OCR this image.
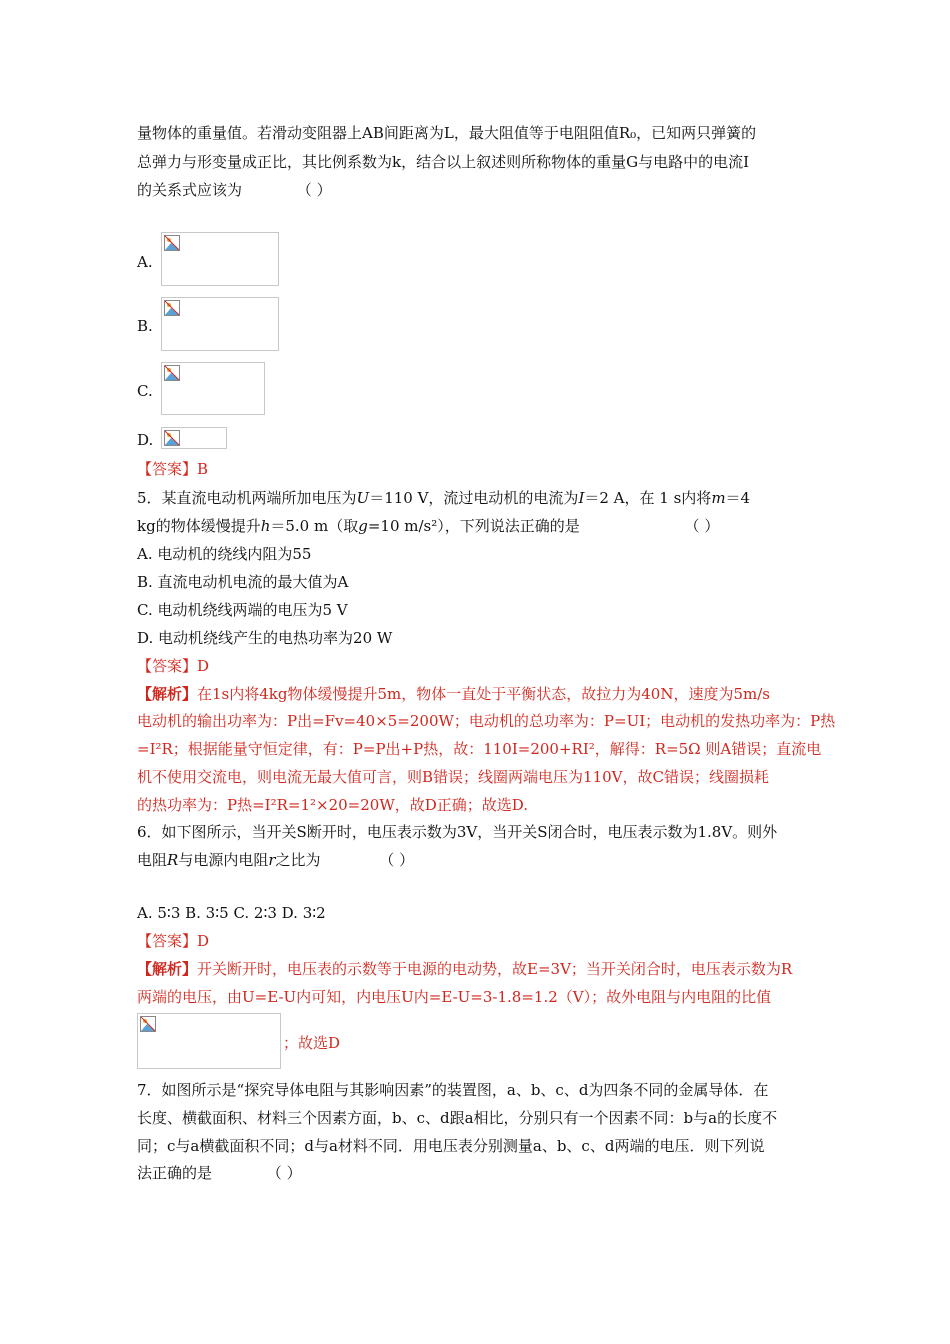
量物体的重量值。若滑动变阻器上AB间距离为L，最大阻值等于电阻阻值R₀，已知两只弹簧的
总弹力与形变量成正比，其比例系数为k，结合以上叙述则所称物体的重量G与电路中的电流I
的关系式应该为	（ ）
A.
B.
C.
D.
【答案】B
5．某直流电动机两端所加电压为U＝110 V，流过电动机的电流为I＝2 A，在 1 s内将m＝4
kg的物体缓慢提升h＝5.0 m（取g=10 m/s²），下列说法正确的是	（ ）
A. 电动机的绕线内阻为55
B. 直流电动机电流的最大值为A
C. 电动机绕线两端的电压为5 V
D. 电动机绕线产生的电热功率为20 W
【答案】D
【解析】在1s内将4kg物体缓慢提升5m，物体一直处于平衡状态，故拉力为40N，速度为5m/s
电动机的输出功率为：P出=Fv=40×5=200W；电动机的总功率为：P=UI；电动机的发热功率为：P热
=I²R；根据能量守恒定律，有：P=P出+P热，故：110I=200+RI²，解得：R=5Ω 则A错误；直流电
机不使用交流电，则电流无最大值可言，则B错误；线圈两端电压为110V，故C错误；线圈损耗
的热功率为：P热=I²R=1²×20=20W，故D正确；故选D.
6．如下图所示，当开关S断开时，电压表示数为3V，当开关S闭合时，电压表示数为1.8V。则外
电阻R与电源内电阻r之比为	（ ）
A. 5∶3 B. 3∶5 C. 2∶3 D. 3∶2
【答案】D
【解析】开关断开时，电压表的示数等于电源的电动势，故E=3V；当开关闭合时，电压表示数为R
两端的电压，由U=E-U内可知，内电压U内=E-U=3-1.8=1.2（V）；故外电阻与内电阻的比值
；故选D
7．如图所示是“探究导体电阻与其影响因素”的装置图，a、b、c、d为四条不同的金属导体．在
长度、横截面积、材料三个因素方面，b、c、d跟a相比，分别只有一个因素不同：b与a的长度不
同；c与a横截面积不同；d与a材料不同．用电压表分别测量a、b、c、d两端的电压．则下列说
法正确的是	（ ）
